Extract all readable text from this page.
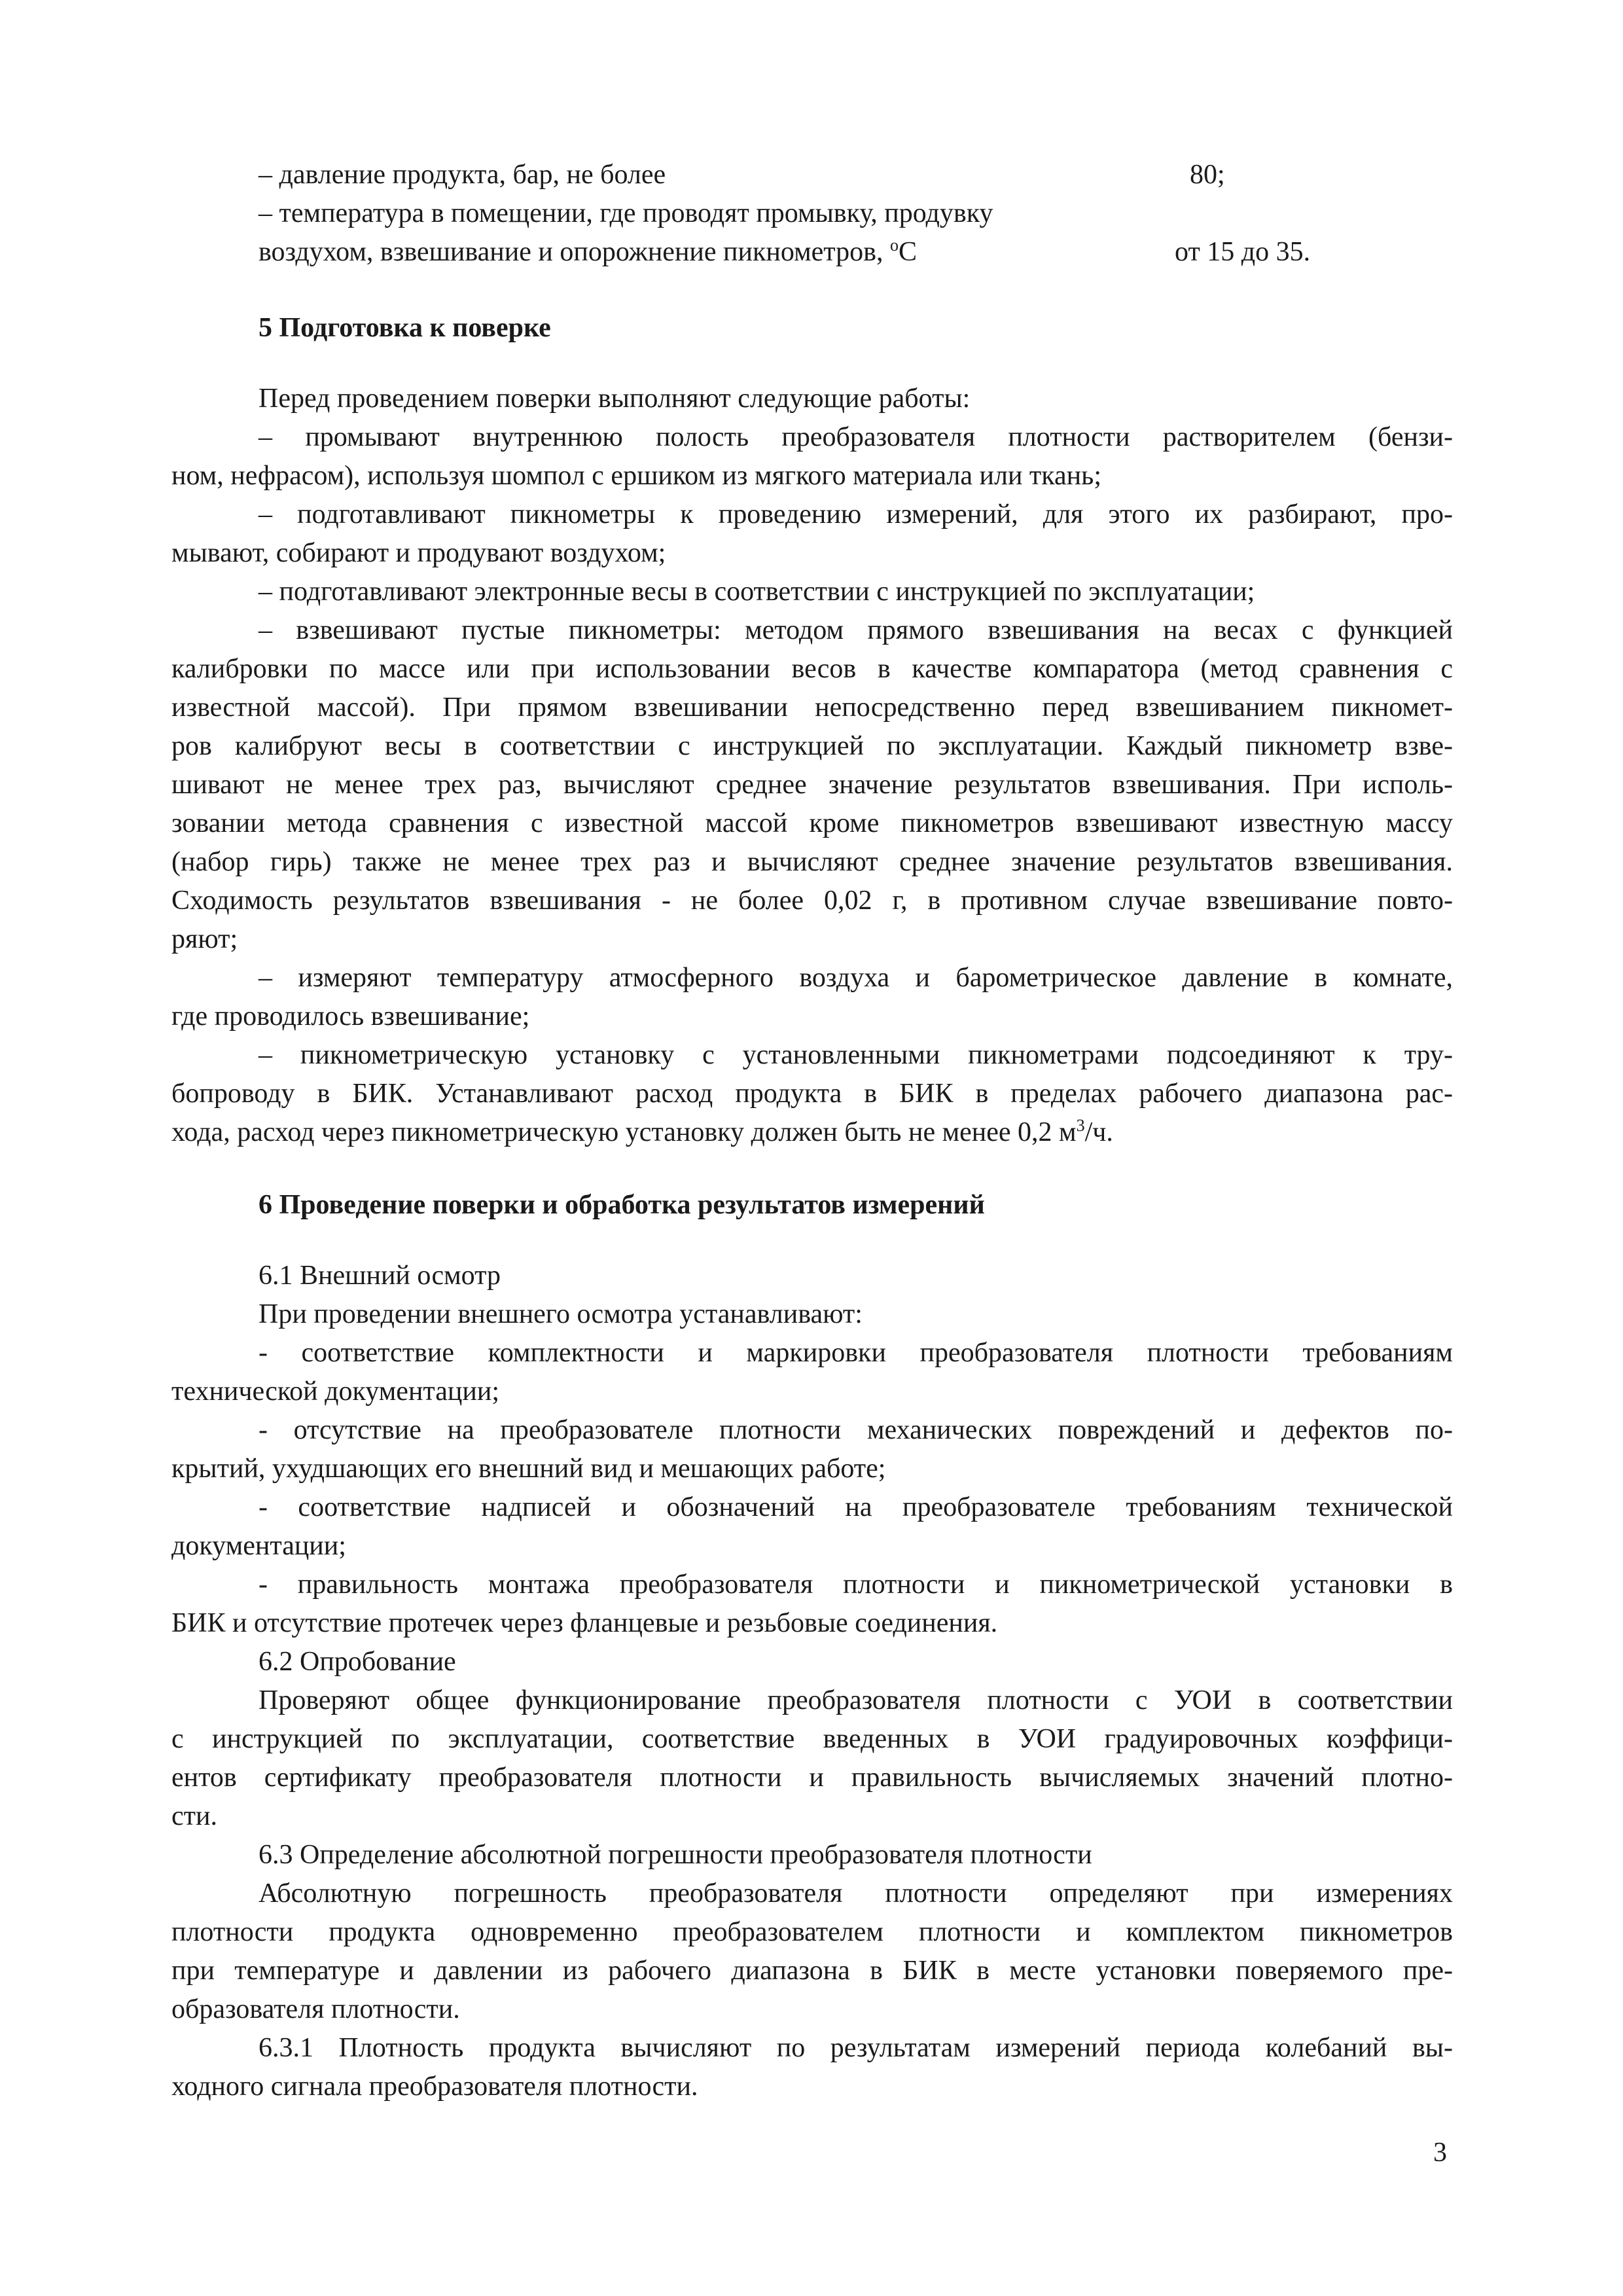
– давление продукта, бар, не более	80;
– температура в помещении, где проводят промывку, продувку
воздухом, взвешивание и опорожнение пикнометров, $^o$С	от 15 до 35.
5 Подготовка к поверке
Перед проведением поверки выполняют следующие работы:
– промывают внутреннюю полость преобразователя плотности растворителем (бензи-
ном, нефрасом), используя шомпол с ершиком из мягкого материала или ткань;
– подготавливают пикнометры к проведению измерений, для этого их разбирают, про-
мывают, собирают и продувают воздухом;
– подготавливают электронные весы в соответствии с инструкцией по эксплуатации;
– взвешивают пустые пикнометры: методом прямого взвешивания на весах с функцией
калибровки по массе или при использовании весов в качестве компаратора (метод сравнения с
известной массой). При прямом взвешивании непосредственно перед взвешиванием пикномет-
ров калибруют весы в соответствии с инструкцией по эксплуатации. Каждый пикнометр взве-
шивают не менее трех раз, вычисляют среднее значение результатов взвешивания. При исполь-
зовании метода сравнения с известной массой кроме пикнометров взвешивают известную массу
(набор гирь) также не менее трех раз и вычисляют среднее значение результатов взвешивания.
Сходимость результатов взвешивания - не более 0,02 г, в противном случае взвешивание повто-
ряют;
– измеряют температуру атмосферного воздуха и барометрическое давление в комнате,
где проводилось взвешивание;
– пикнометрическую установку с установленными пикнометрами подсоединяют к тру-
бопроводу в БИК. Устанавливают расход продукта в БИК в пределах рабочего диапазона рас-
хода, расход через пикнометрическую установку должен быть не менее 0,2 $м^3/ч$.
6 Проведение поверки и обработка результатов измерений
6.1 Внешний осмотр
При проведении внешнего осмотра устанавливают:
- соответствие комплектности и маркировки преобразователя плотности требованиям
технической документации;
- отсутствие на преобразователе плотности механических повреждений и дефектов по-
крытий, ухудшающих его внешний вид и мешающих работе;
- соответствие надписей и обозначений на преобразователе требованиям технической
документации;
- правильность монтажа преобразователя плотности и пикнометрической установки в
БИК и отсутствие протечек через фланцевые и резьбовые соединения.
6.2 Опробование
Проверяют общее функционирование преобразователя плотности с УОИ в соответствии
с инструкцией по эксплуатации, соответствие введенных в УОИ градуировочных коэффици-
ентов сертификату преобразователя плотности и правильность вычисляемых значений плотно-
сти.
6.3 Определение абсолютной погрешности преобразователя плотности
Абсолютную погрешность преобразователя плотности определяют при измерениях
плотности продукта одновременно преобразователем плотности и комплектом пикнометров
при температуре и давлении из рабочего диапазона в БИК в месте установки поверяемого пре-
образователя плотности.
6.3.1 Плотность продукта вычисляют по результатам измерений периода колебаний вы-
ходного сигнала преобразователя плотности.
3
